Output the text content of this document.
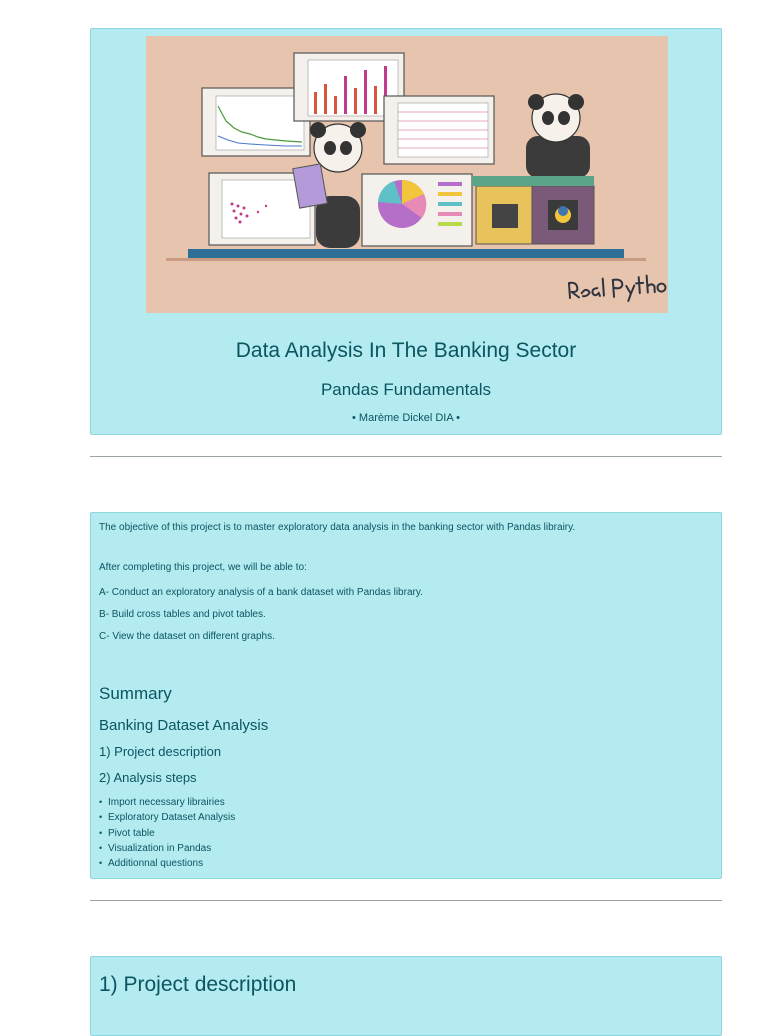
Data Analysis In The Banking Sector
Pandas Fundamentals
• Marème Dickel DIA •
The objective of this project is to master exploratory data analysis in the banking sector with Pandas librairy.
After completing this project, we will be able to:
A- Conduct an exploratory analysis of a bank dataset with Pandas library.
B- Build cross tables and pivot tables.
C- View the dataset on different graphs.
Summary
Banking Dataset Analysis
1) Project description
2) Analysis steps
• Import necessary librairies
• Exploratory Dataset Analysis
• Pivot table
• Visualization in Pandas
• Additionnal questions
1) Project description
